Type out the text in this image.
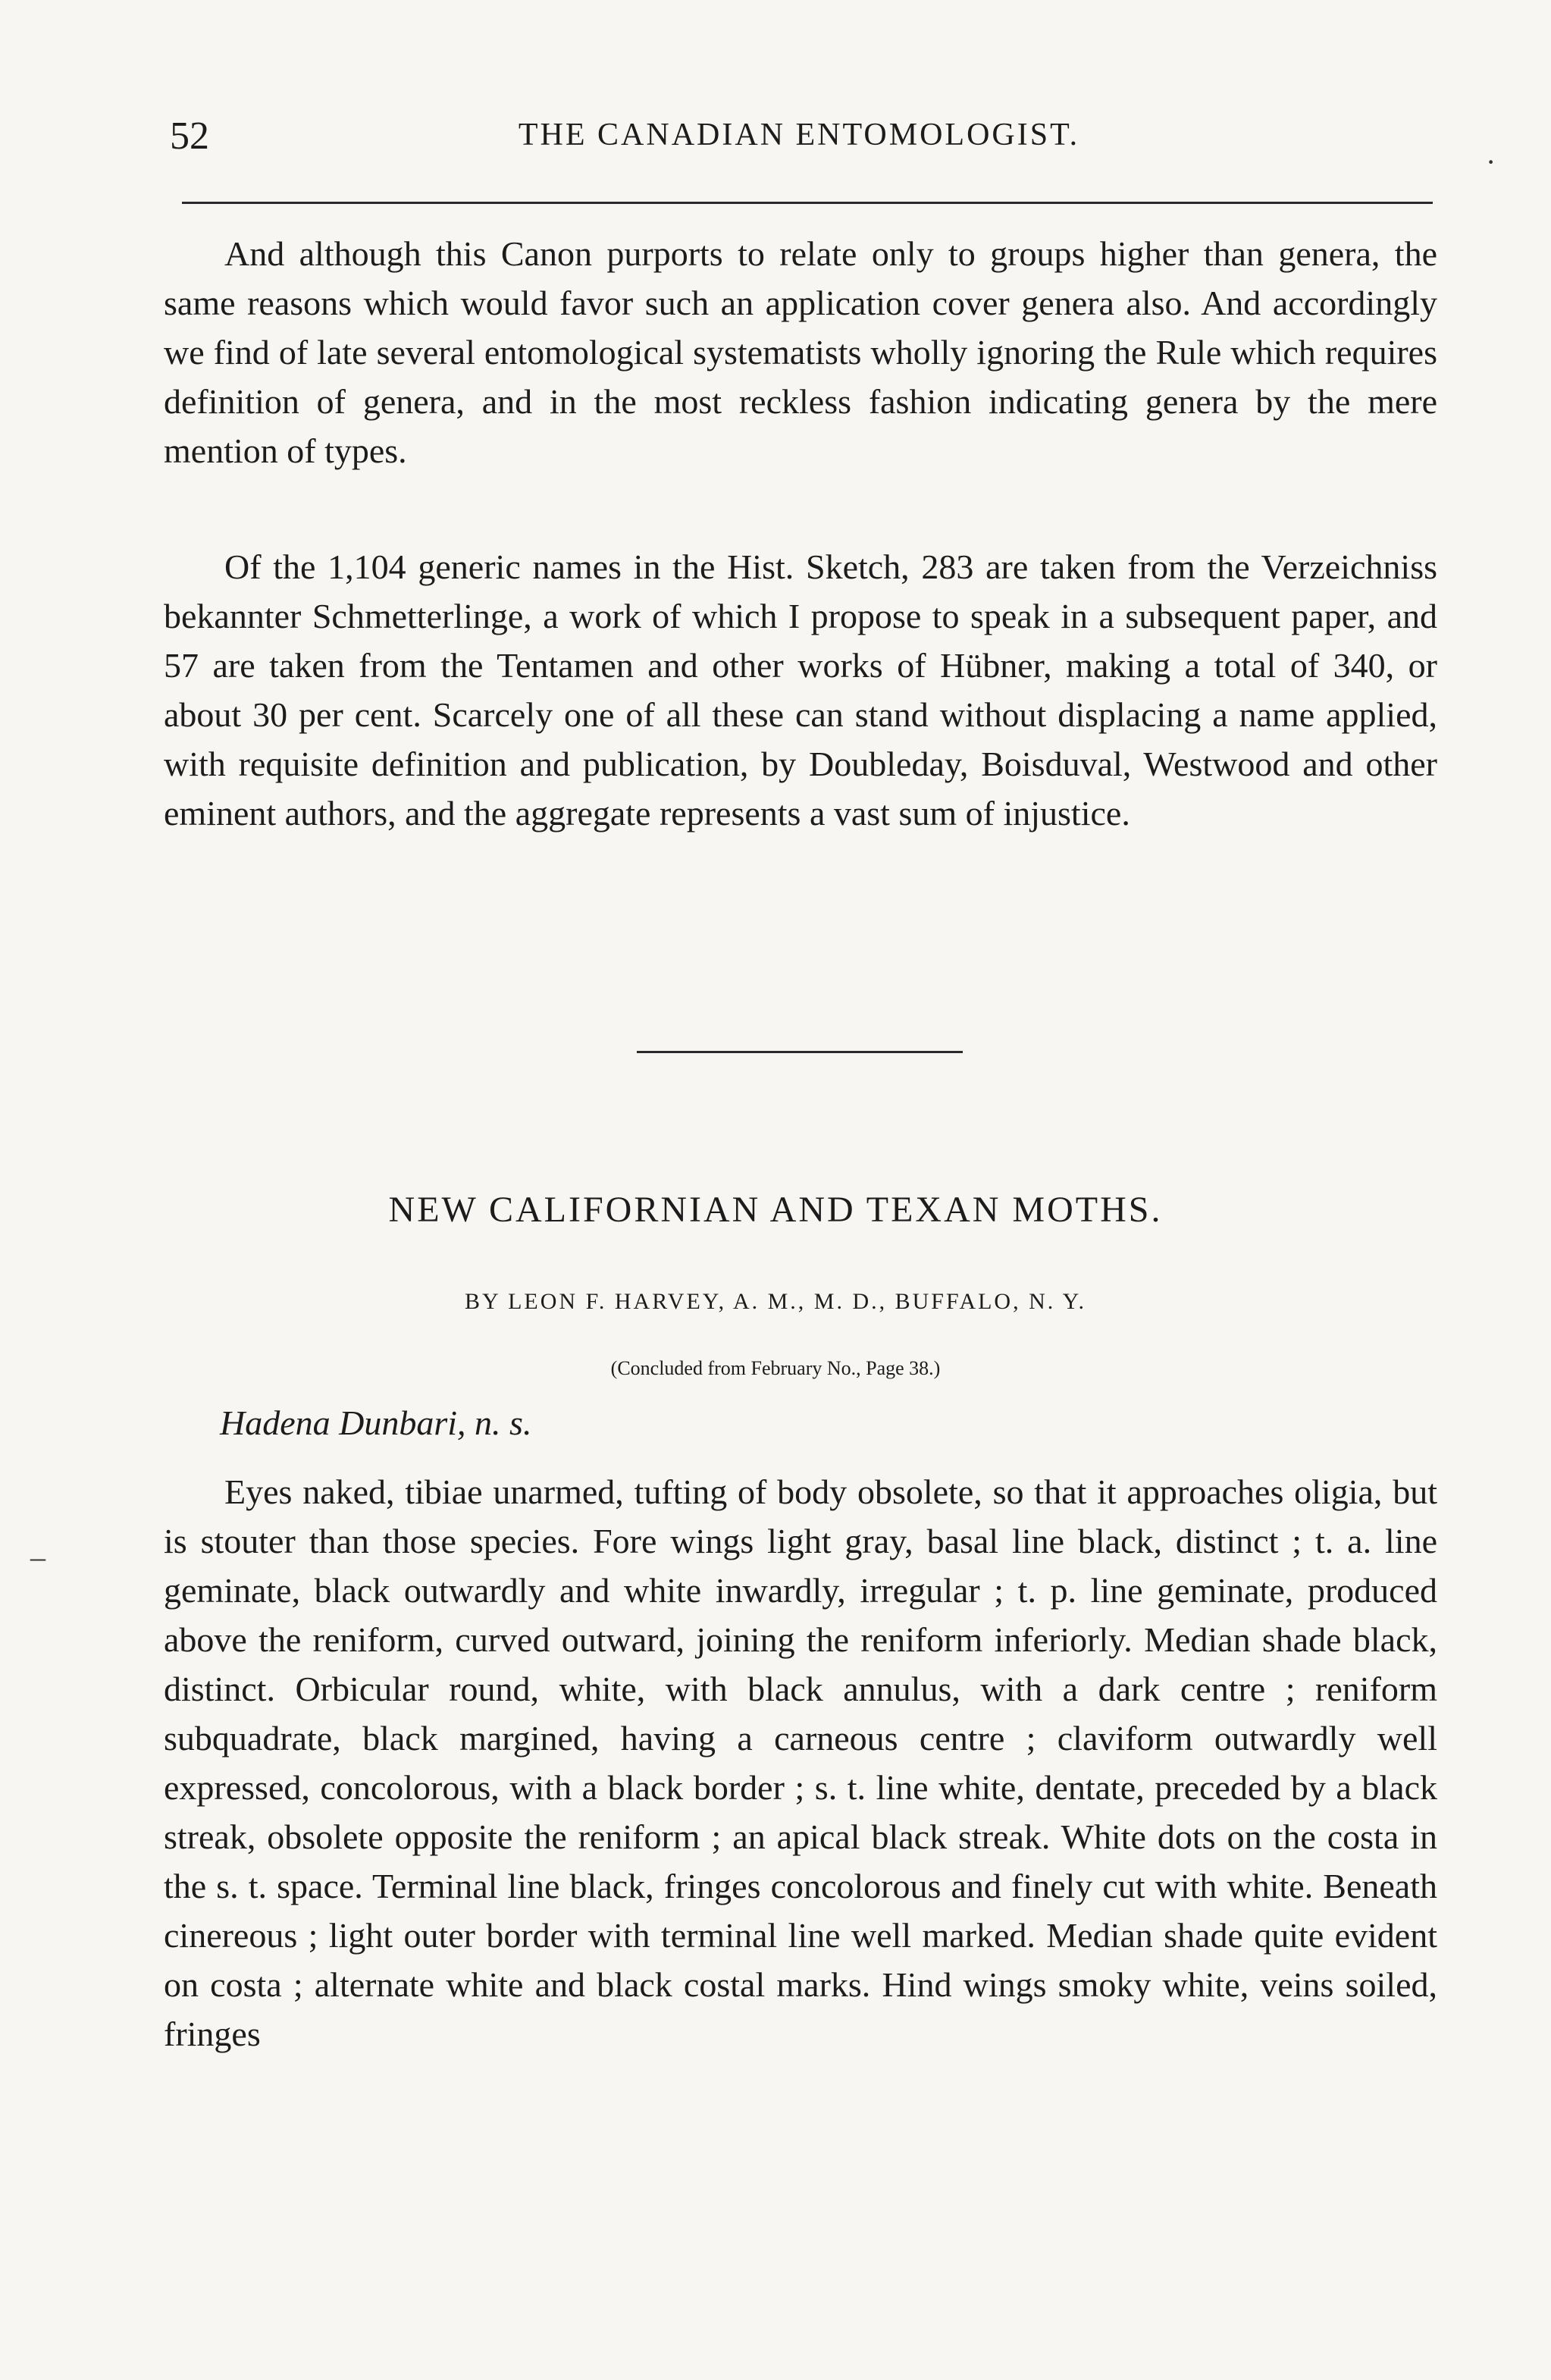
52	THE CANADIAN ENTOMOLOGIST.

And although this Canon purports to relate only to groups higher than genera, the same reasons which would favor such an application cover genera also. And accordingly we find of late several entomological systematists wholly ignoring the Rule which requires definition of genera, and in the most reckless fashion indicating genera by the mere mention of types.

Of the 1,104 generic names in the Hist. Sketch, 283 are taken from the Verzeichniss bekannter Schmetterlinge, a work of which I propose to speak in a subsequent paper, and 57 are taken from the Tentamen and other works of Hübner, making a total of 340, or about 30 per cent. Scarcely one of all these can stand without displacing a name applied, with requisite definition and publication, by Doubleday, Boisduval, Westwood and other eminent authors, and the aggregate represents a vast sum of injustice.

NEW CALIFORNIAN AND TEXAN MOTHS.
BY LEON F. HARVEY, A. M., M. D., BUFFALO, N. Y.
(Concluded from February No., Page 38.)
Hadena Dunbari, n. s.

Eyes naked, tibiae unarmed, tufting of body obsolete, so that it approaches oligia, but is stouter than those species. Fore wings light gray, basal line black, distinct ; t. a. line geminate, black outwardly and white inwardly, irregular ; t. p. line geminate, produced above the reniform, curved outward, joining the reniform inferiorly. Median shade black, distinct. Orbicular round, white, with black annulus, with a dark centre ; reniform subquadrate, black margined, having a carneous centre ; claviform outwardly well expressed, concolorous, with a black border ; s. t. line white, dentate, preceded by a black streak, obsolete opposite the reniform ; an apical black streak. White dots on the costa in the s. t. space. Terminal line black, fringes concolorous and finely cut with white. Beneath cinereous ; light outer border with terminal line well marked. Median shade quite evident on costa ; alternate white and black costal marks. Hind wings smoky white, veins soiled, fringes

–
·
